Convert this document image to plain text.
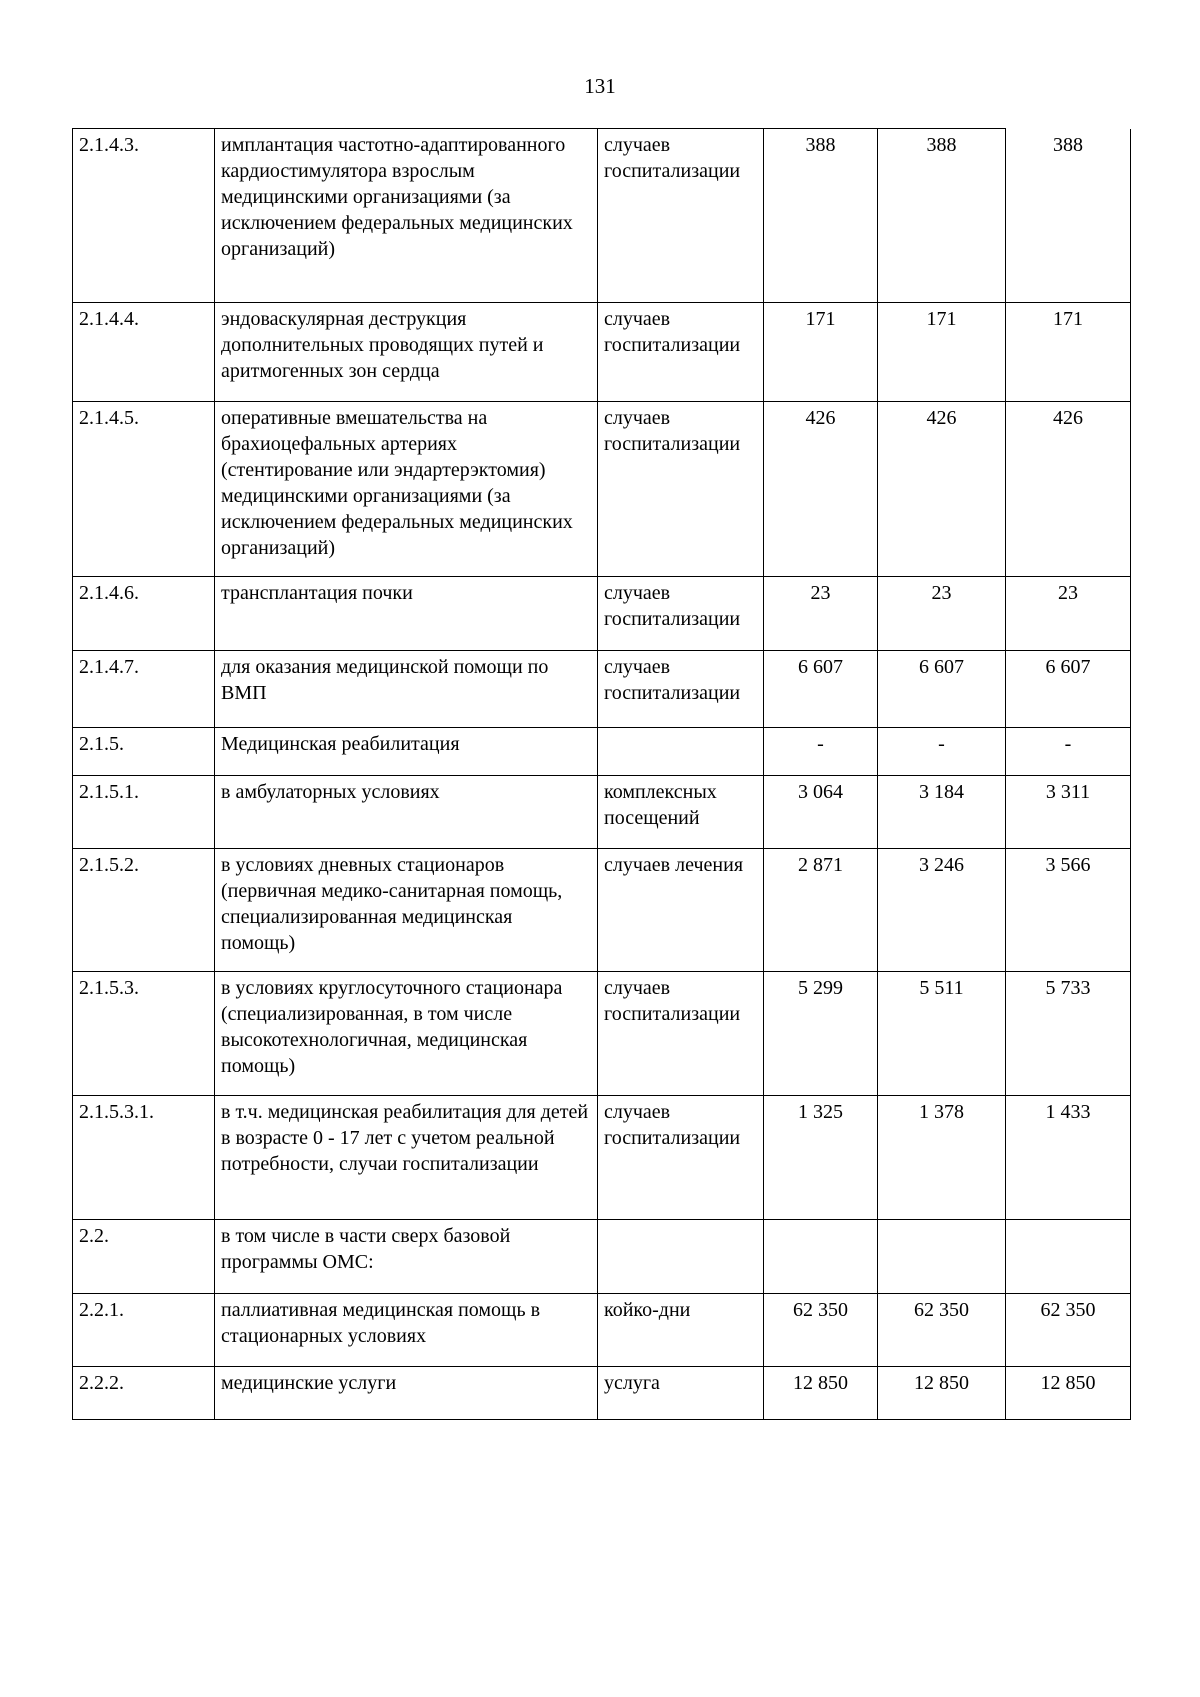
131
2.1.4.3.	имплантация частотно-адаптированного кардиостимулятора взрослым медицинскими организациями (за исключением федеральных медицинских организаций)	случаев госпитализации	388	388	388
2.1.4.4.	эндоваскулярная деструкция дополнительных проводящих путей и аритмогенных зон сердца	случаев госпитализации	171	171	171
2.1.4.5.	оперативные вмешательства на брахиоцефальных артериях (стентирование или эндартерэктомия) медицинскими организациями (за исключением федеральных медицинских организаций)	случаев госпитализации	426	426	426
2.1.4.6.	трансплантация почки	случаев госпитализации	23	23	23
2.1.4.7.	для оказания медицинской помощи по ВМП	случаев госпитализации	6 607	6 607	6 607
2.1.5.	Медицинская реабилитация		-	-	-
2.1.5.1.	в амбулаторных условиях	комплексных посещений	3 064	3 184	3 311
2.1.5.2.	в условиях дневных стационаров (первичная медико-санитарная помощь, специализированная медицинская помощь)	случаев лечения	2 871	3 246	3 566
2.1.5.3.	в условиях круглосуточного стационара (специализированная, в том числе высокотехнологичная, медицинская помощь)	случаев госпитализации	5 299	5 511	5 733
2.1.5.3.1.	в т.ч. медицинская реабилитация для детей в возрасте 0 - 17 лет с учетом реальной потребности, случаи госпитализации	случаев госпитализации	1 325	1 378	1 433
2.2.	в том числе в части сверх базовой программы ОМС:				
2.2.1.	паллиативная медицинская помощь в стационарных условиях	койко-дни	62 350	62 350	62 350
2.2.2.	медицинские услуги	услуга	12 850	12 850	12 850
